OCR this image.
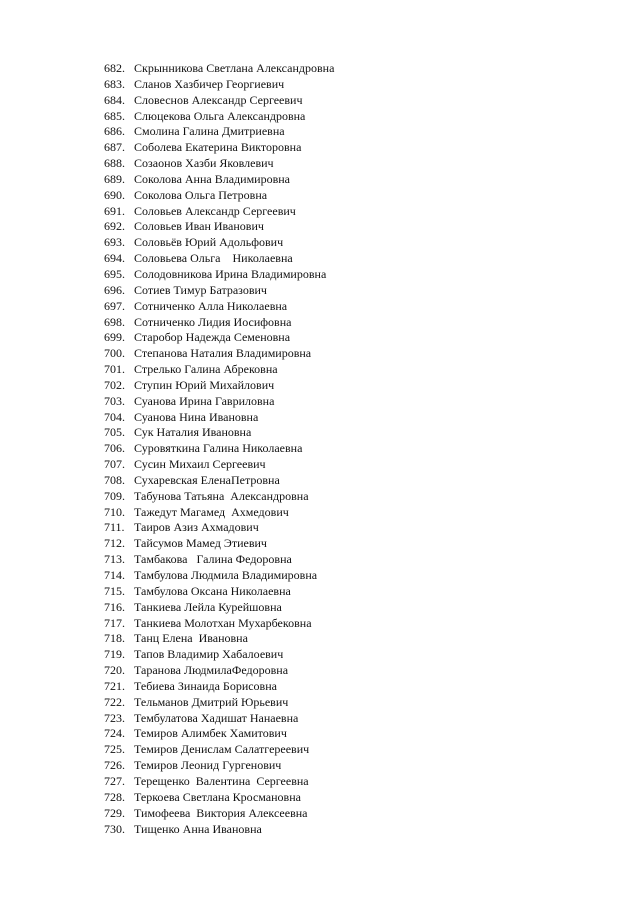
682. Скрынникова Светлана Александровна
683. Сланов Хазбичер Георгиевич
684. Словеснов Александр Сергеевич
685. Слюцекова Ольга Александровна
686. Смолина Галина Дмитриевна
687. Соболева Екатерина Викторовна
688. Созаонов Хазби Яковлевич
689. Соколова Анна Владимировна
690. Соколова Ольга Петровна
691. Соловьев Александр Сергеевич
692. Соловьев Иван Иванович
693. Соловьёв Юрий Адольфович
694. Соловьева Ольга    Николаевна
695. Солодовникова Ирина Владимировна
696. Сотиев Тимур Батразович
697. Сотниченко Алла Николаевна
698. Сотниченко Лидия Иосифовна
699. Старобор Надежда Семеновна
700. Степанова Наталия Владимировна
701. Стрелько Галина Абрековна
702. Ступин Юрий Михайлович
703. Суанова Ирина Гавриловна
704. Суанова Нина Ивановна
705. Сук Наталия Ивановна
706. Суровяткина Галина Николаевна
707. Сусин Михаил Сергеевич
708. Сухаревская ЕленаПетровна
709. Табунова Татьяна  Александровна
710. Тажедут Магамед  Ахмедович
711. Таиров Азиз Ахмадович
712. Тайсумов Мамед Этиевич
713. Тамбакова   Галина Федоровна
714. Тамбулова Людмила Владимировна
715. Тамбулова Оксана Николаевна
716. Танкиева Лейла Курейшовна
717. Танкиева Молотхан Мухарбековна
718. Танц Елена  Ивановна
719. Тапов Владимир Хабалоевич
720. Таранова ЛюдмилаФедоровна
721. Тебиева Зинаида Борисовна
722. Тельманов Дмитрий Юрьевич
723. Тембулатова Хадишат Нанаевна
724. Темиров Алимбек Хамитович
725. Темиров Денислам Салатгереевич
726. Темиров Леонид Гургенович
727. Терещенко  Валентина  Сергеевна
728. Теркоева Светлана Кросмановна
729. Тимофеева  Виктория Алексеевна
730. Тищенко Анна Ивановна
